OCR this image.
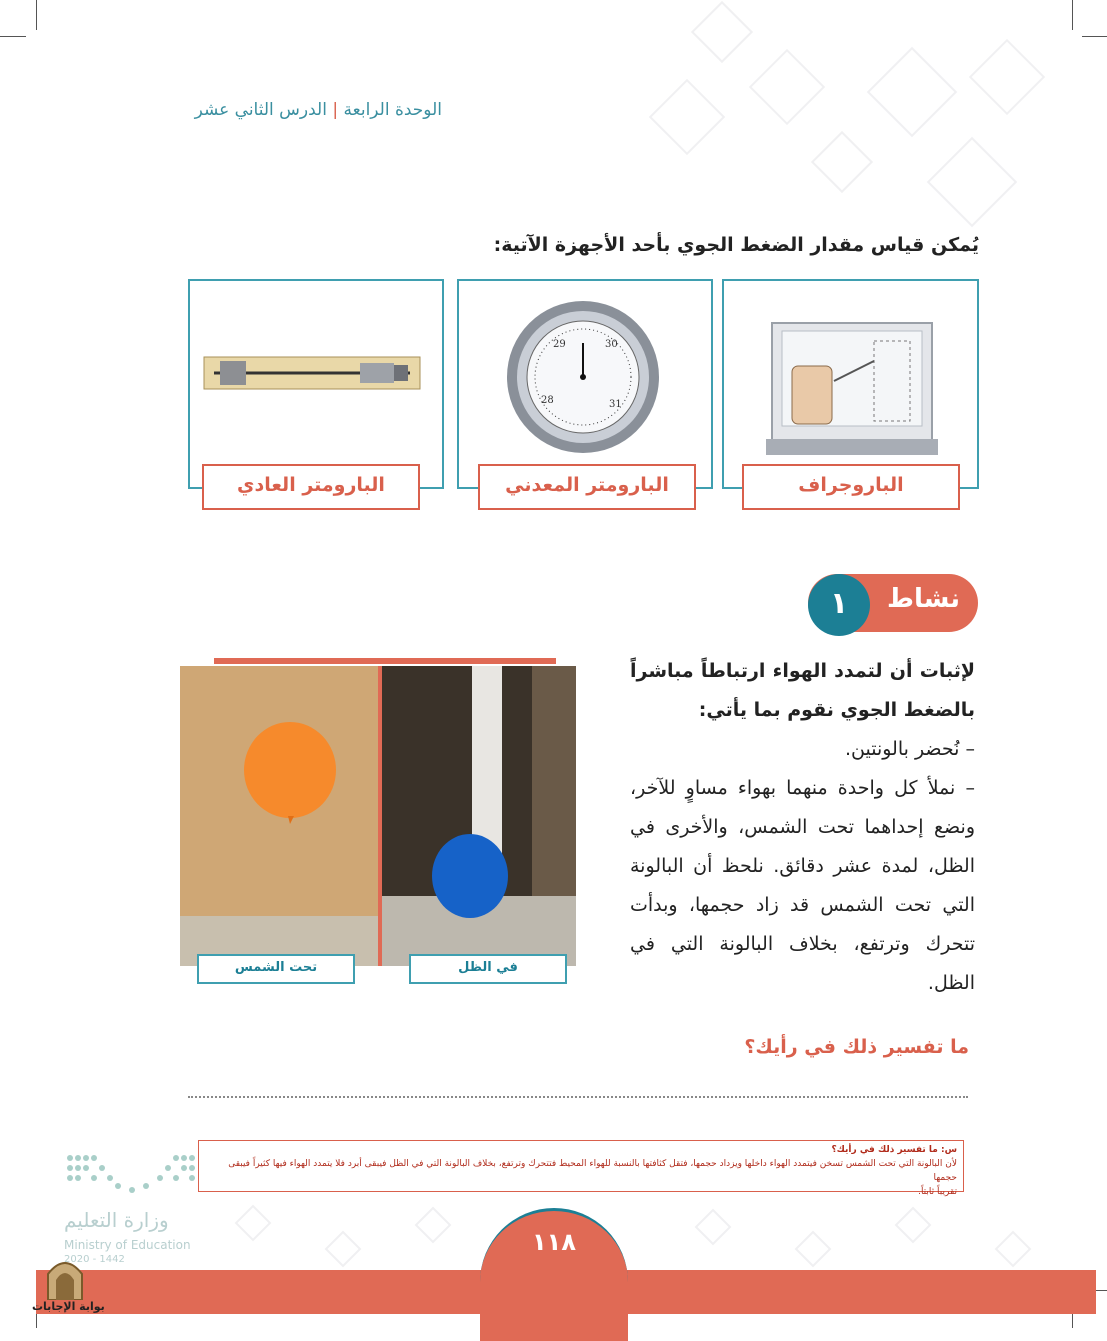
الوحدة الرابعة | الدرس الثاني عشر
يُمكن قياس مقدار الضغط الجوي بأحد الأجهزة الآتية:
الباروجراف
29	30
28	31
البارومتر المعدني
البارومتر العادي
نشاط
١
تحت الشمس	في الظل

لإثبات أن لتمدد الهواء ارتباطاً مباشراً بالضغط الجوي نقوم بما يأتي:

– نُحضر بالونتين.

– نملأ كل واحدة منهما بهواء مساوٍ للآخر، ونضع إحداهما تحت الشمس، والأخرى في الظل، لمدة عشر دقائق. نلحظ أن البالونة التي تحت الشمس قد زاد حجمها، وبدأت تتحرك وترتفع، بخلاف البالونة التي في الظل.

ما تفسير ذلك في رأيك؟

س: ما تفسير ذلك في رأيك؟

لأن البالونة التي تحت الشمس تسخن فيتمدد الهواء داخلها ويزداد حجمها، فتقل كثافتها بالنسبة للهواء المحيط فتتحرك وترتفع، بخلاف البالونة التي في الظل فيبقى أبرد فلا يتمدد الهواء فيها كثيراً فيبقى حجمها

تقريباً ثابتاً.

وزارة التعليم
Ministry of Education
2020 - 1442
١١٨
بوابة الإجابات
